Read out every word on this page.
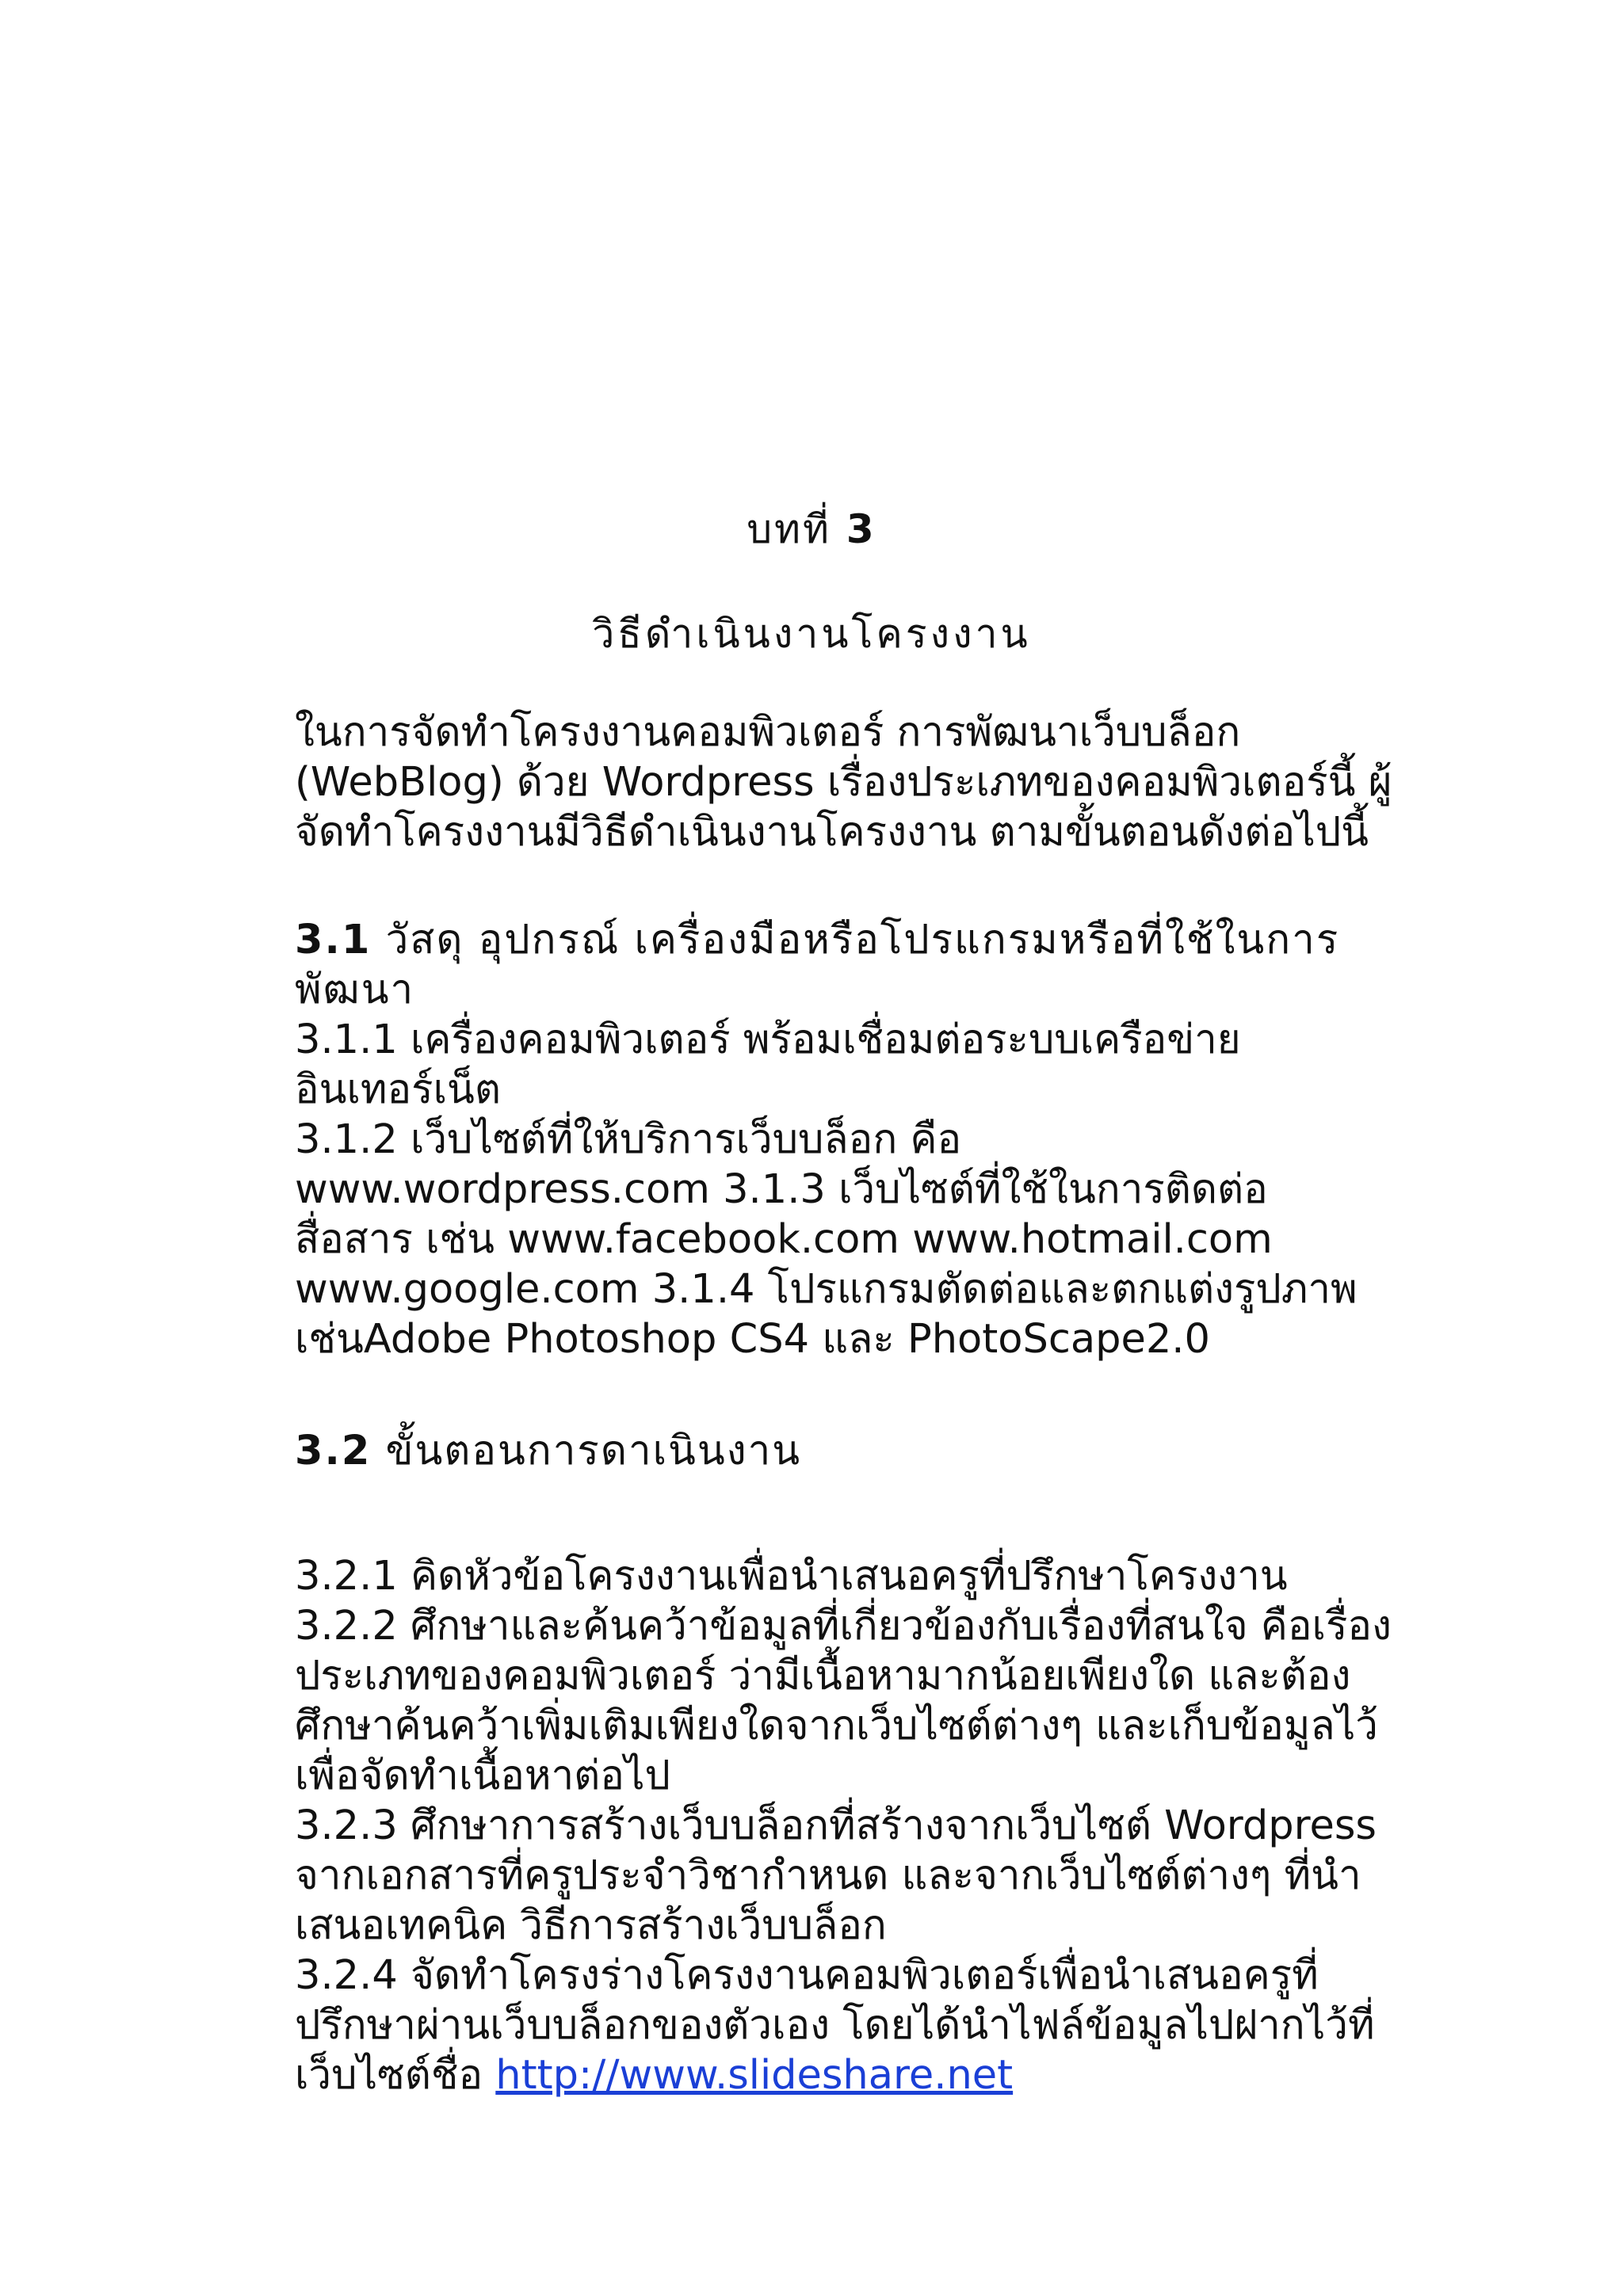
บทที่ 3
วิธีดำเนินงานโครงงาน
ในการจัดทำโครงงานคอมพิวเตอร์ การพัฒนาเว็บบล็อก
(WebBlog) ด้วย Wordpress เรื่องประเภทของคอมพิวเตอร์นี้ ผู้
จัดทำโครงงานมีวิธีดำเนินงานโครงงาน ตามขั้นตอนดังต่อไปนี้
3.1 วัสดุ อุปกรณ์ เครื่องมือหรือโปรแกรมหรือที่ใช้ในการ
พัฒนา
3.1.1 เครื่องคอมพิวเตอร์ พร้อมเชื่อมต่อระบบเครือข่าย
อินเทอร์เน็ต
3.1.2 เว็บไซต์ที่ให้บริการเว็บบล็อก คือ
www.wordpress.com 3.1.3 เว็บไซต์ที่ใช้ในการติดต่อ
สื่อสาร เช่น www.facebook.com www.hotmail.com
www.google.com 3.1.4 โปรแกรมตัดต่อและตกแต่งรูปภาพ
เช่นAdobe Photoshop CS4 และ PhotoScape2.0
3.2 ขั้นตอนการดาเนินงาน
3.2.1 คิดหัวข้อโครงงานเพื่อนำเสนอครูที่ปรึกษาโครงงาน
3.2.2 ศึกษาและค้นคว้าข้อมูลที่เกี่ยวข้องกับเรื่องที่สนใจ คือเรื่อง
ประเภทของคอมพิวเตอร์ ว่ามีเนื้อหามากน้อยเพียงใด และต้อง
ศึกษาค้นคว้าเพิ่มเติมเพียงใดจากเว็บไซต์ต่างๆ และเก็บข้อมูลไว้
เพื่อจัดทำเนื้อหาต่อไป
3.2.3 ศึกษาการสร้างเว็บบล็อกที่สร้างจากเว็บไซต์ Wordpress
จากเอกสารที่ครูประจำวิชากำหนด และจากเว็บไซต์ต่างๆ ที่นำ
เสนอเทคนิค วิธีการสร้างเว็บบล็อก
3.2.4 จัดทำโครงร่างโครงงานคอมพิวเตอร์เพื่อนำเสนอครูที่
ปรึกษาผ่านเว็บบล็อกของตัวเอง โดยได้นำไฟล์ข้อมูลไปฝากไว้ที่
เว็บไซต์ชื่อ http://www.slideshare.net
